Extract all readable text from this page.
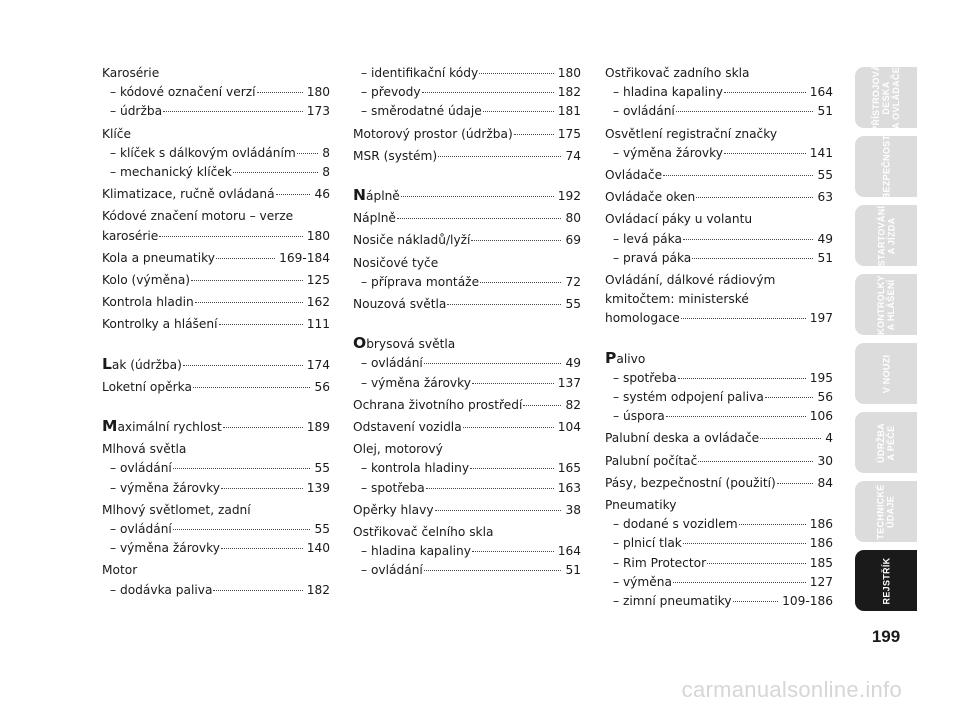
Karosérie
– kódové označení verzí	180
– údržba	173
Klíče
– klíček s dálkovým ovládáním 8
– mechanický klíček	8
Klimatizace, ručně ovládaná	46
Kódové značení motoru – verze
karosérie	180
Kola a pneumatiky	169-184
Kolo (výměna)	125
Kontrola hladin	162
Kontrolky a hlášení	111
Lak (údržba)	174
Loketní opěrka	56
Maximální rychlost	189
Mlhová světla
– ovládání	55
– výměna žárovky	139
Mlhový světlomet, zadní
– ovládání	55
– výměna žárovky	140
Motor
– dodávka paliva	182
– identifikační kódy	180
– převody	182
– směrodatné údaje	181
Motorový prostor (údržba)	175
MSR (systém)	74
Náplně	192
Náplně	80
Nosiče nákladů/lyží	69
Nosičové tyče
– příprava montáže	72
Nouzová světla	55
Obrysová světla
– ovládání	49
– výměna žárovky	137
Ochrana životního prostředí	82
Odstavení vozidla	104
Olej, motorový
– kontrola hladiny	165
– spotřeba	163
Opěrky hlavy	38
Ostřikovač čelního skla
– hladina kapaliny	164
– ovládání	51
Ostřikovač zadního skla
– hladina kapaliny	164
– ovládání	51
Osvětlení registrační značky
– výměna žárovky	141
Ovládače	55
Ovládače oken	63
Ovládací páky u volantu
– levá páka	49
– pravá páka	51
Ovládání, dálkové rádiovým
kmitočtem: ministerské
homologace	197
Palivo
– spotřeba	195
– systém odpojení paliva	56
– úspora	106
Palubní deska a ovládače	4
Palubní počítač	30
Pásy, bezpečnostní (použití)	84
Pneumatiky
– dodané s vozidlem	186
– plnicí tlak	186
– Rim Protector	185
– výměna	127
– zimní pneumatiky	109-186
PŘÍSTROJOVÁ
DESKA
A OVLÁDAČE
BEZPEČNOST
STARTOVÁNÍ
A JÍZDA
KONTROLKY
A HLÁŠENÍ
V NOUZI
ÚDRŽBA
A PÉČE
TECHNICKÉ
ÚDAJE
REJSTŘÍK
199
carmanualsonline.info
